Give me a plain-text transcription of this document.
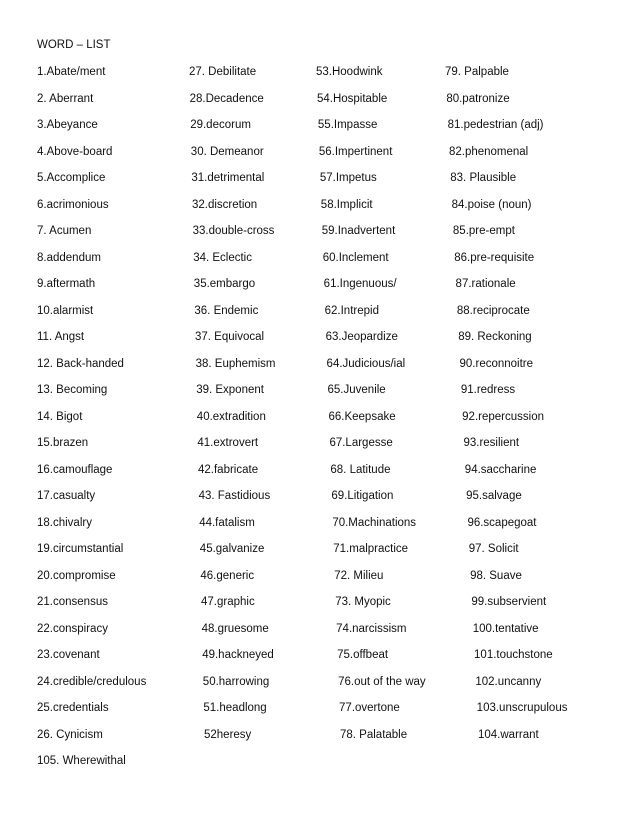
WORD – LIST
1.Abate/ment
2. Aberrant
3.Abeyance
4.Above-board
5.Accomplice
6.acrimonious
7. Acumen
8.addendum
9.aftermath
10.alarmist
11. Angst
12. Back-handed
13. Becoming
14. Bigot
15.brazen
16.camouflage
17.casualty
18.chivalry
19.circumstantial
20.compromise
21.consensus
22.conspiracy
23.covenant
24.credible/credulous
25.credentials
26. Cynicism
27. Debilitate
28.Decadence
29.decorum
30. Demeanor
31.detrimental
32.discretion
33.double-cross
34. Eclectic
35.embargo
36. Endemic
37. Equivocal
38. Euphemism
39. Exponent
40.extradition
41.extrovert
42.fabricate
43. Fastidious
44.fatalism
45.galvanize
46.generic
47.graphic
48.gruesome
49.hackneyed
50.harrowing
51.headlong
52heresy
53.Hoodwink
54.Hospitable
55.Impasse
56.Impertinent
57.Impetus
58.Implicit
59.Inadvertent
60.Inclement
61.Ingenuous/
62.Intrepid
63.Jeopardize
64.Judicious/ial
65.Juvenile
66.Keepsake
67.Largesse
68. Latitude
69.Litigation
70.Machinations
71.malpractice
72. Milieu
73. Myopic
74.narcissism
75.offbeat
76.out of the way
77.overtone
78. Palatable
79. Palpable
80.patronize
81.pedestrian (adj)
82.phenomenal
83. Plausible
84.poise (noun)
85.pre-empt
86.pre-requisite
87.rationale
88.reciprocate
89. Reckoning
90.reconnoitre
91.redress
92.repercussion
93.resilient
94.saccharine
95.salvage
96.scapegoat
97. Solicit
98. Suave
99.subservient
100.tentative
101.touchstone
102.uncanny
103.unscrupulous
104.warrant
105. Wherewithal
